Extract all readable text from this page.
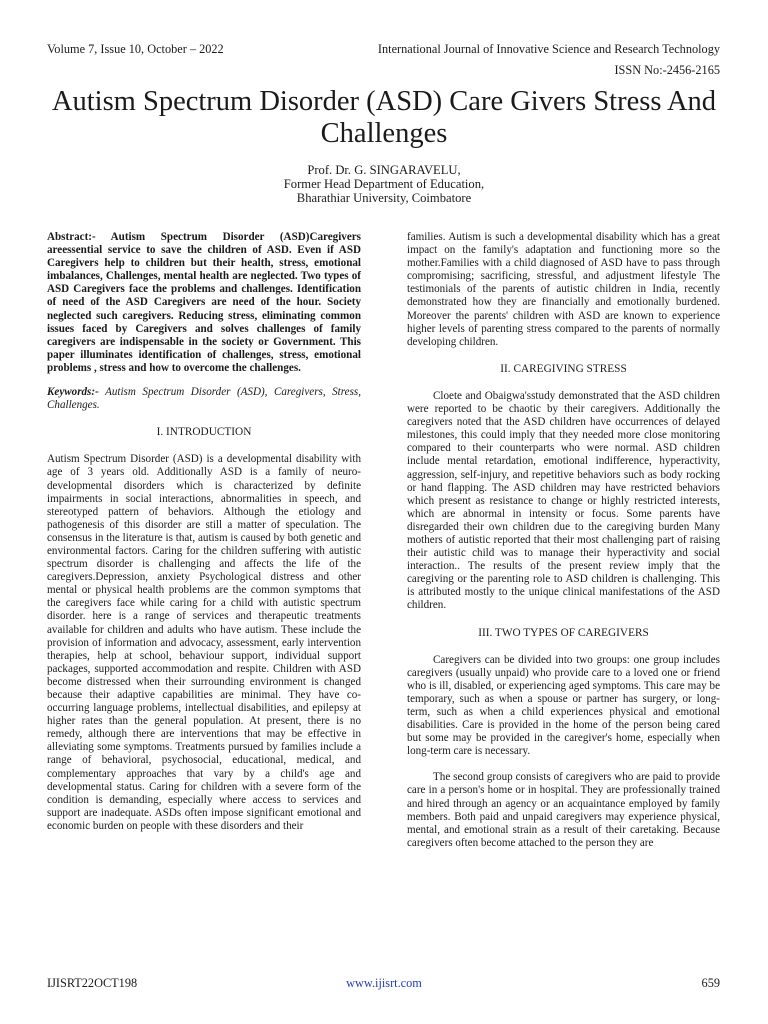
Volume 7, Issue 10, October – 2022	International Journal of Innovative Science and Research Technology
ISSN No:-2456-2165
Autism Spectrum Disorder (ASD) Care Givers Stress And Challenges
Prof. Dr. G. SINGARAVELU,
Former Head Department of Education,
Bharathiar University, Coimbatore

Abstract:- Autism Spectrum Disorder (ASD)Caregivers areessential service to save the children of ASD. Even if ASD Caregivers help to children but their health, stress, emotional imbalances, Challenges, mental health are neglected. Two types of ASD Caregivers face the problems and challenges. Identification of need of the ASD Caregivers are need of the hour. Society neglected such caregivers. Reducing stress, eliminating common issues faced by Caregivers and solves challenges of family caregivers are indispensable in the society or Government. This paper illuminates identification of challenges, stress, emotional problems , stress and how to overcome the challenges.

Keywords:- Autism Spectrum Disorder (ASD), Caregivers, Stress, Challenges.

I. INTRODUCTION

Autism Spectrum Disorder (ASD) is a developmental disability with age of 3 years old. Additionally ASD is a family of neuro-developmental disorders which is characterized by definite impairments in social interactions, abnormalities in speech, and stereotyped pattern of behaviors. Although the etiology and pathogenesis of this disorder are still a matter of speculation. The consensus in the literature is that, autism is caused by both genetic and environmental factors. Caring for the children suffering with autistic spectrum disorder is challenging and affects the life of the caregivers.Depression, anxiety Psychological distress and other mental or physical health problems are the common symptoms that the caregivers face while caring for a child with autistic spectrum disorder. here is a range of services and therapeutic treatments available for children and adults who have autism. These include the provision of information and advocacy, assessment, early intervention therapies, help at school, behaviour support, individual support packages, supported accommodation and respite. Children with ASD become distressed when their surrounding environment is changed because their adaptive capabilities are minimal. They have co-occurring language problems, intellectual disabilities, and epilepsy at higher rates than the general population. At present, there is no remedy, although there are interventions that may be effective in alleviating some symptoms. Treatments pursued by families include a range of behavioral, psychosocial, educational, medical, and complementary approaches that vary by a child's age and developmental status. Caring for children with a severe form of the condition is demanding, especially where access to services and support are inadequate. ASDs often impose significant emotional and economic burden on people with these disorders and their

families. Autism is such a developmental disability which has a great impact on the family's adaptation and functioning more so the mother.Families with a child diagnosed of ASD have to pass through compromising; sacrificing, stressful, and adjustment lifestyle The testimonials of the parents of autistic children in India, recently demonstrated how they are financially and emotionally burdened. Moreover the parents' children with ASD are known to experience higher levels of parenting stress compared to the parents of normally developing children.

II. CAREGIVING STRESS

Cloete and Obaigwa'sstudy demonstrated that the ASD children were reported to be chaotic by their caregivers. Additionally the caregivers noted that the ASD children have occurrences of delayed milestones, this could imply that they needed more close monitoring compared to their counterparts who were normal. ASD children include mental retardation, emotional indifference, hyperactivity, aggression, self-injury, and repetitive behaviors such as body rocking or hand flapping. The ASD children may have restricted behaviors which present as resistance to change or highly restricted interests, which are abnormal in intensity or focus. Some parents have disregarded their own children due to the caregiving burden Many mothers of autistic reported that their most challenging part of raising their autistic child was to manage their hyperactivity and social interaction.. The results of the present review imply that the caregiving or the parenting role to ASD children is challenging. This is attributed mostly to the unique clinical manifestations of the ASD children.

III. TWO TYPES OF CAREGIVERS

Caregivers can be divided into two groups: one group includes caregivers (usually unpaid) who provide care to a loved one or friend who is ill, disabled, or experiencing aged symptoms. This care may be temporary, such as when a spouse or partner has surgery, or long-term, such as when a child experiences physical and emotional disabilities. Care is provided in the home of the person being cared but some may be provided in the caregiver's home, especially when long-term care is necessary.

The second group consists of caregivers who are paid to provide care in a person's home or in hospital. They are professionally trained and hired through an agency or an acquaintance employed by family members. Both paid and unpaid caregivers may experience physical, mental, and emotional strain as a result of their caretaking. Because caregivers often become attached to the person they are

IJISRT22OCT198	www.ijisrt.com	659
